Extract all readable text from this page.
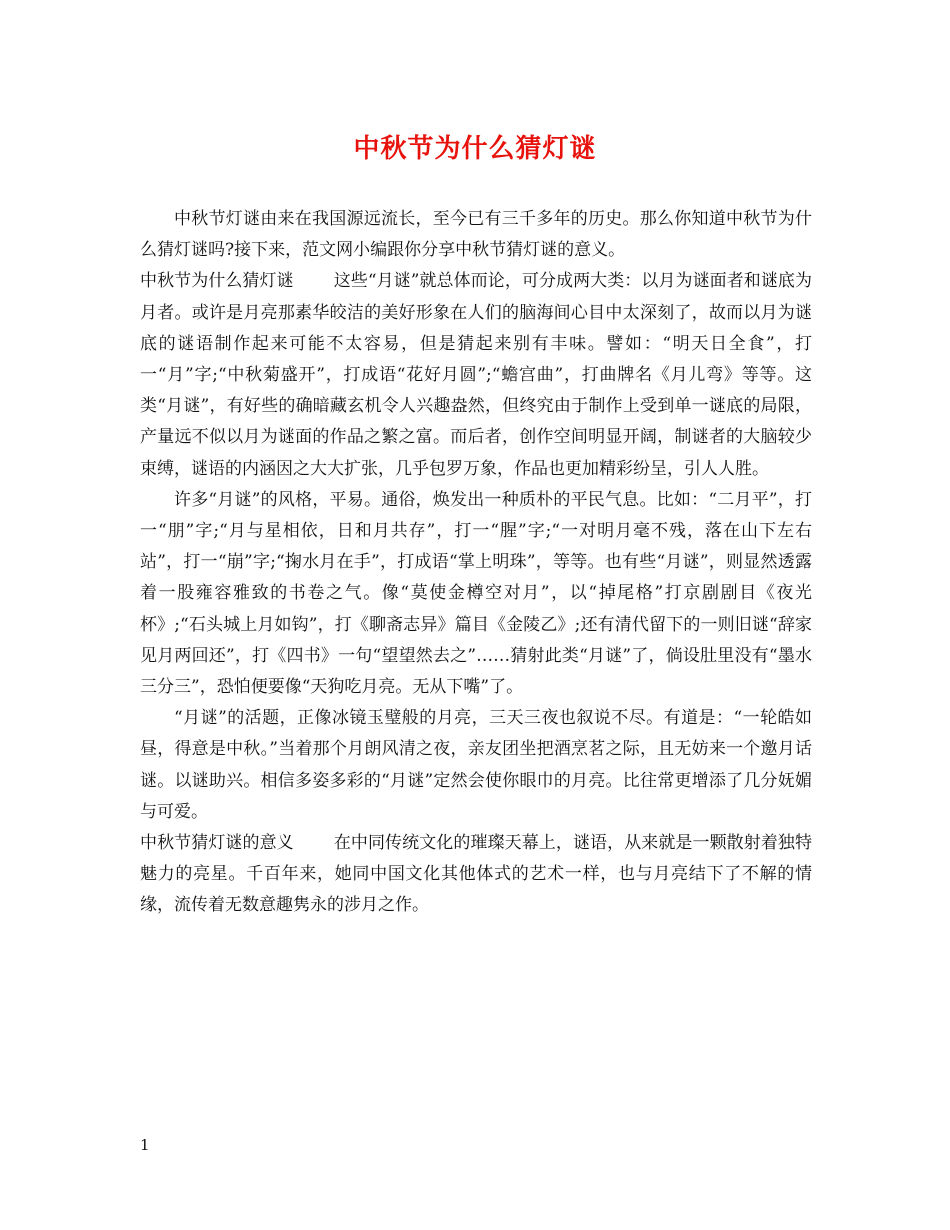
中秋节为什么猜灯谜

中秋节灯谜由来在我国源远流长，至今已有三千多年的历史。那么你知道中秋节为什么猜灯谜吗?接下来，范文网小编跟你分享中秋节猜灯谜的意义。

中秋节为什么猜灯谜 这些“月谜”就总体而论，可分成两大类：以月为谜面者和谜底为月者。或许是月亮那素华皎洁的美好形象在人们的脑海间心目中太深刻了，故而以月为谜底的谜语制作起来可能不太容易，但是猜起来别有丰味。譬如：“明天日全食”，打一“月”字;“中秋菊盛开”，打成语“花好月圆”;“蟾宫曲”，打曲牌名《月儿弯》等等。这类“月谜”，有好些的确暗藏玄机令人兴趣盎然，但终究由于制作上受到单一谜底的局限，产量远不似以月为谜面的作品之繁之富。而后者，创作空间明显开阔，制谜者的大脑较少束缚，谜语的内涵因之大大扩张，几乎包罗万象，作品也更加精彩纷呈，引人人胜。

许多“月谜”的风格，平易。通俗，焕发出一种质朴的平民气息。比如：“二月平”，打一“朋”字;“月与星相依，日和月共存”，打一“腥”字;“一对明月毫不残，落在山下左右站”，打一“崩”字;“掬水月在手”，打成语“掌上明珠”，等等。也有些“月谜”，则显然透露着一股雍容雅致的书卷之气。像“莫使金樽空对月”，以“掉尾格”打京剧剧目《夜光杯》;“石头城上月如钩”，打《聊斋志异》篇目《金陵乙》;还有清代留下的一则旧谜“辞家见月两回还”，打《四书》一句“望望然去之”……猜射此类“月谜”了，倘设肚里没有“墨水三分三”，恐怕便要像“天狗吃月亮。无从下嘴”了。

“月谜”的活题，正像冰镜玉璧般的月亮，三天三夜也叙说不尽。有道是：“一轮皓如昼，得意是中秋。”当着那个月朗风清之夜，亲友团坐把酒烹茗之际，且无妨来一个邀月话谜。以谜助兴。相信多姿多彩的“月谜”定然会使你眼巾的月亮。比往常更增添了几分妩媚与可爱。

中秋节猜灯谜的意义 在中同传统文化的璀璨天幕上，谜语，从来就是一颗散射着独特魅力的亮星。千百年来，她同中国文化其他体式的艺术一样，也与月亮结下了不解的情缘，流传着无数意趣隽永的涉月之作。

1
